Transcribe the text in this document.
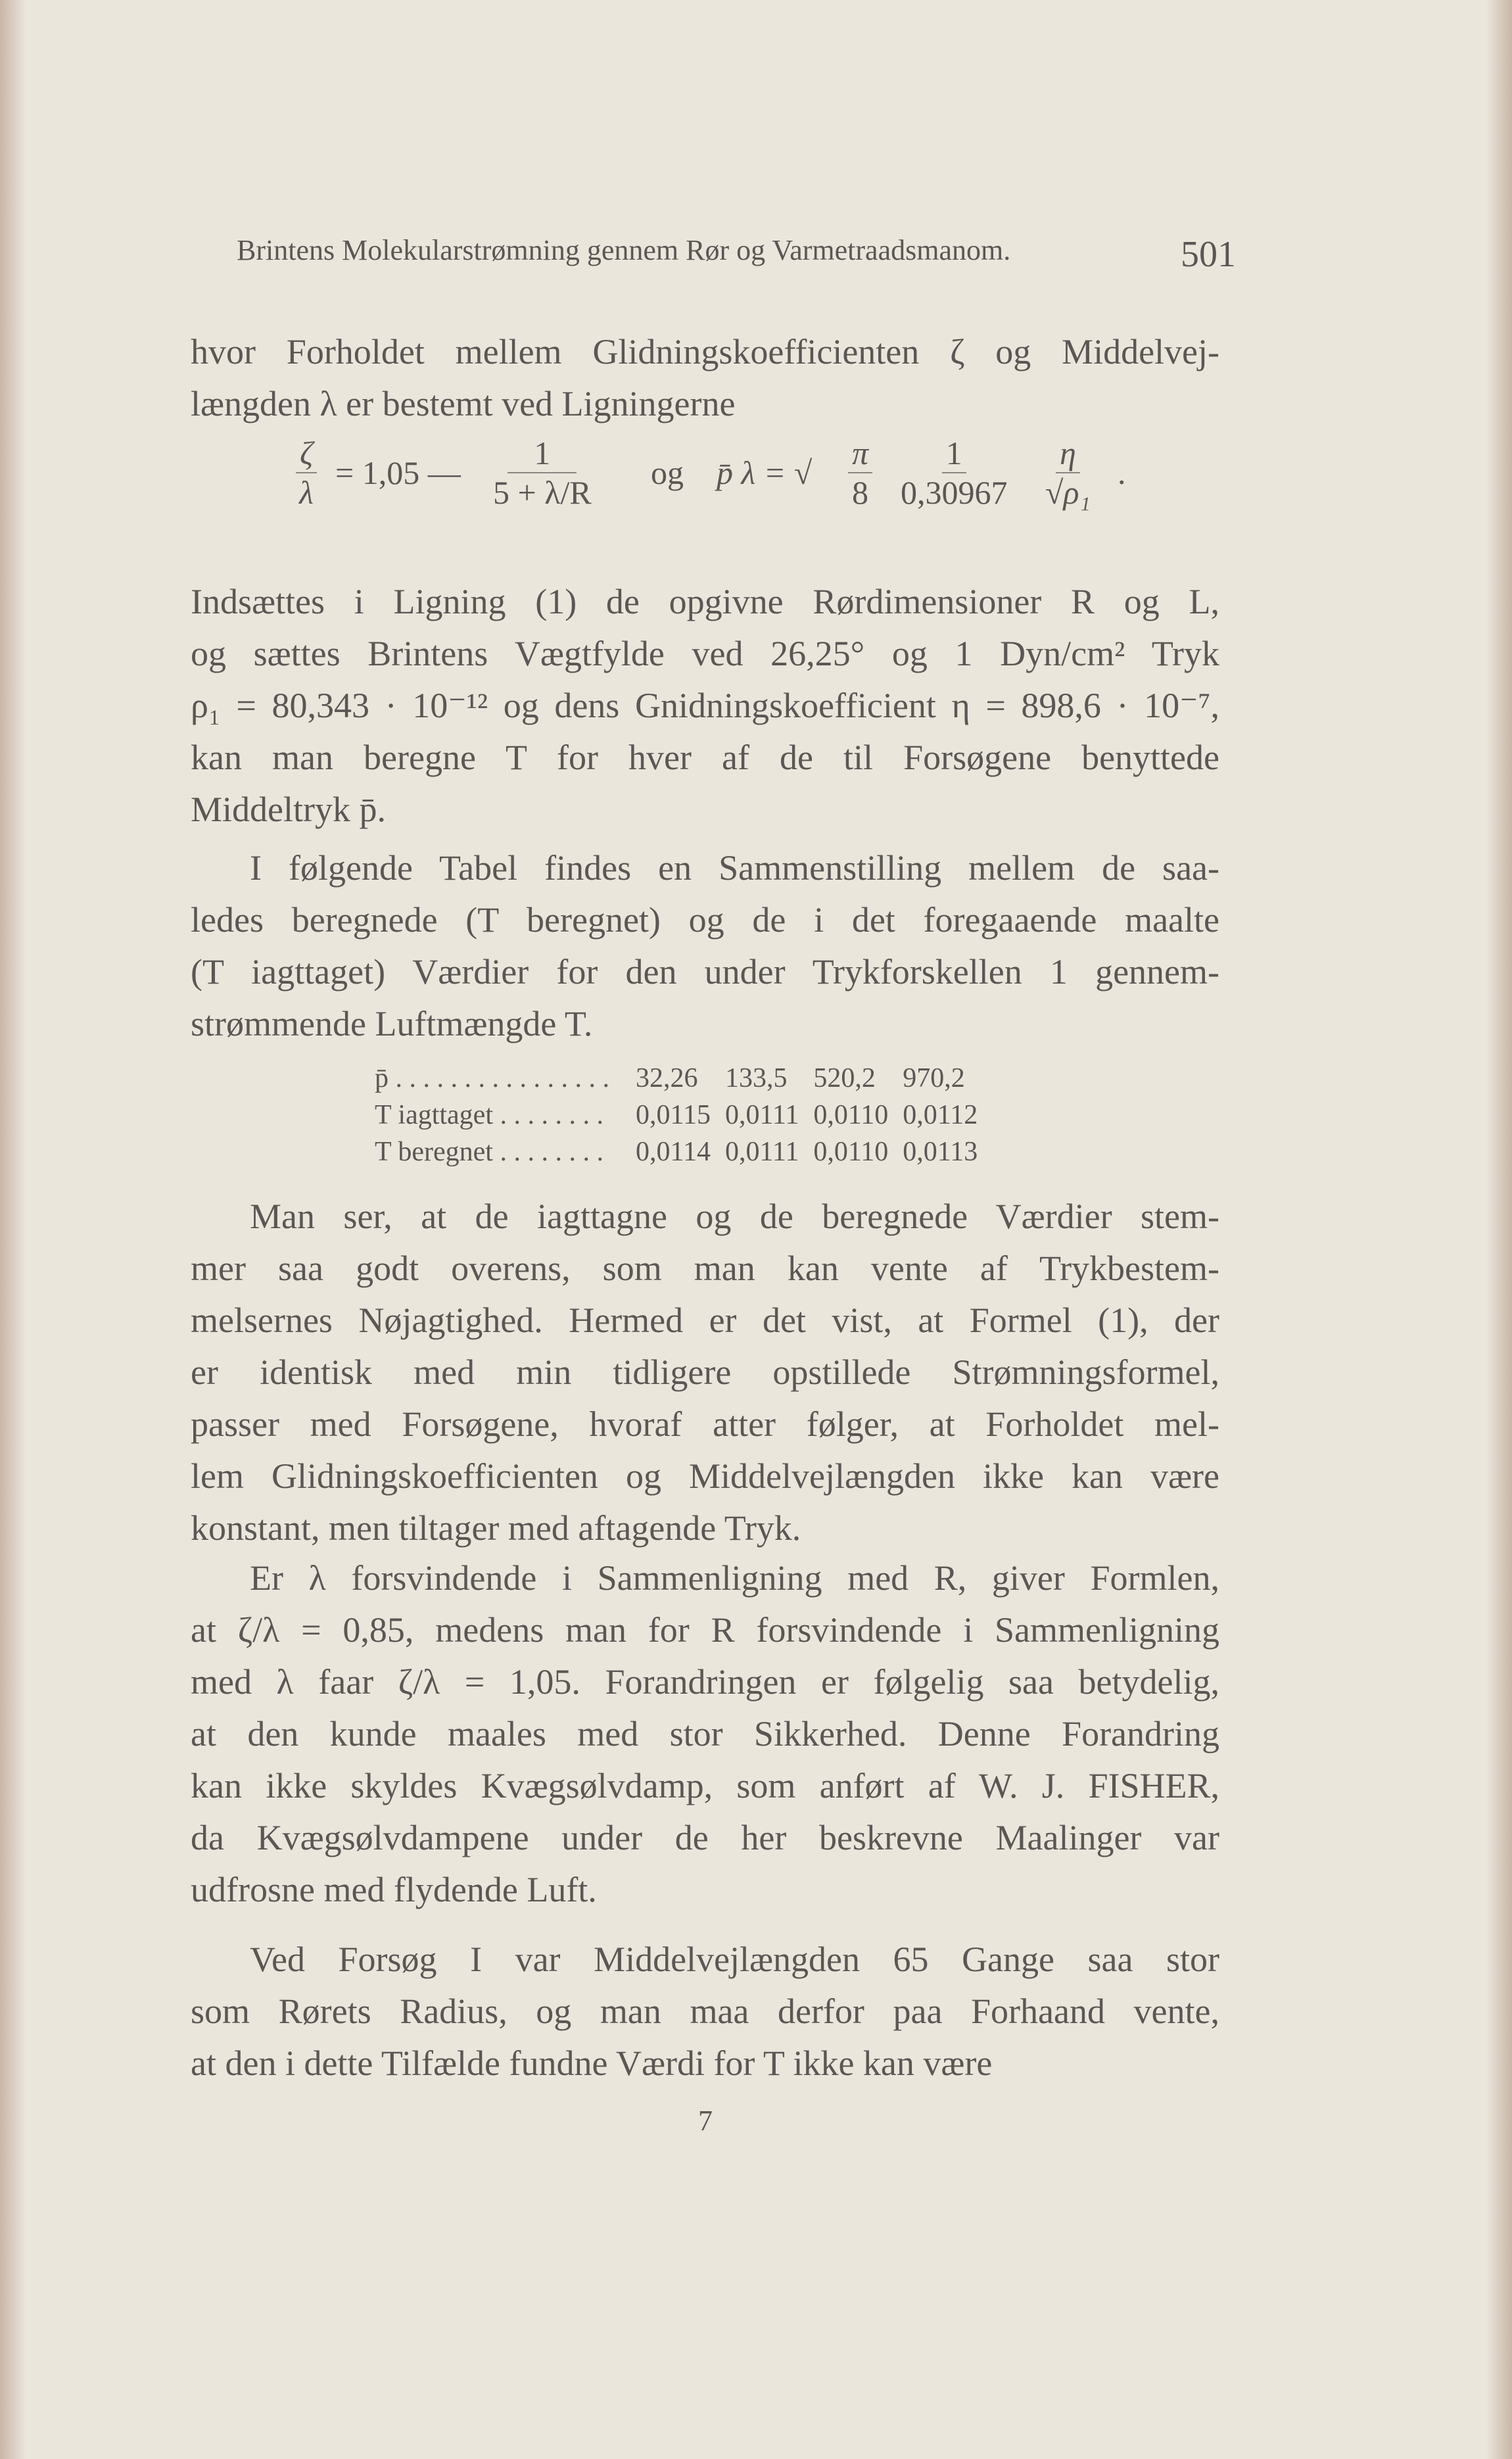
Brintens Molekularstrømning gennem Rør og Varmetraadsmanom.	501
hvor Forholdet mellem Glidningskoefficienten ζ og Middelvej-
længden λ er bestemt ved Ligningerne
Indsættes i Ligning (1) de opgivne Rørdimensioner R og L,
og sættes Brintens Vægtfylde ved 26,25° og 1 Dyn/cm² Tryk
ρ₁ = 80,343 · 10⁻¹² og dens Gnidningskoefficient η = 898,6 · 10⁻⁷,
kan man beregne T for hver af de til Forsøgene benyttede
Middeltryk p̄.
I følgende Tabel findes en Sammenstilling mellem de saa-
ledes beregnede (T beregnet) og de i det foregaaende maalte
(T iagttaget) Værdier for den under Trykforskellen 1 gennem-
strømmende Luftmængde T.
Man ser, at de iagttagne og de beregnede Værdier stem-
mer saa godt overens, som man kan vente af Trykbestem-
melsernes Nøjagtighed. Hermed er det vist, at Formel (1), der
er identisk med min tidligere opstillede Strømningsformel,
passer med Forsøgene, hvoraf atter følger, at Forholdet mel-
lem Glidningskoefficienten og Middelvejlængden ikke kan være
konstant, men tiltager med aftagende Tryk.
Er λ forsvindende i Sammenligning med R, giver Formlen,
at ζ/λ = 0,85, medens man for R forsvindende i Sammenligning
med λ faar ζ/λ = 1,05. Forandringen er følgelig saa betydelig,
at den kunde maales med stor Sikkerhed. Denne Forandring
kan ikke skyldes Kvægsølvdamp, som anført af W. J. FISHER,
da Kvægsølvdampene under de her beskrevne Maalinger var
udfrosne med flydende Luft.
Ved Forsøg I var Middelvejlængden 65 Gange saa stor
som Rørets Radius, og man maa derfor paa Forhaand vente,
at den i dette Tilfælde fundne Værdi for T ikke kan være
$\frac{\zeta}{\lambda} = 1,05$ — $\frac{1}{5 + \lambda/R}$ og p̄ λ = √ $\frac{\pi}{8} \frac{1}{0,30967} \frac{\eta}{\text{√ρ₁}}$ .
p̄ . . . . . . . . . . . . . . . .	32,26	133,5	520,2	970,2
T iagttaget . . . . . . . .	0,0115	0,0111	0,0110	0,0112
T beregnet . . . . . . . .	0,0114	0,0111	0,0110	0,0113
7
